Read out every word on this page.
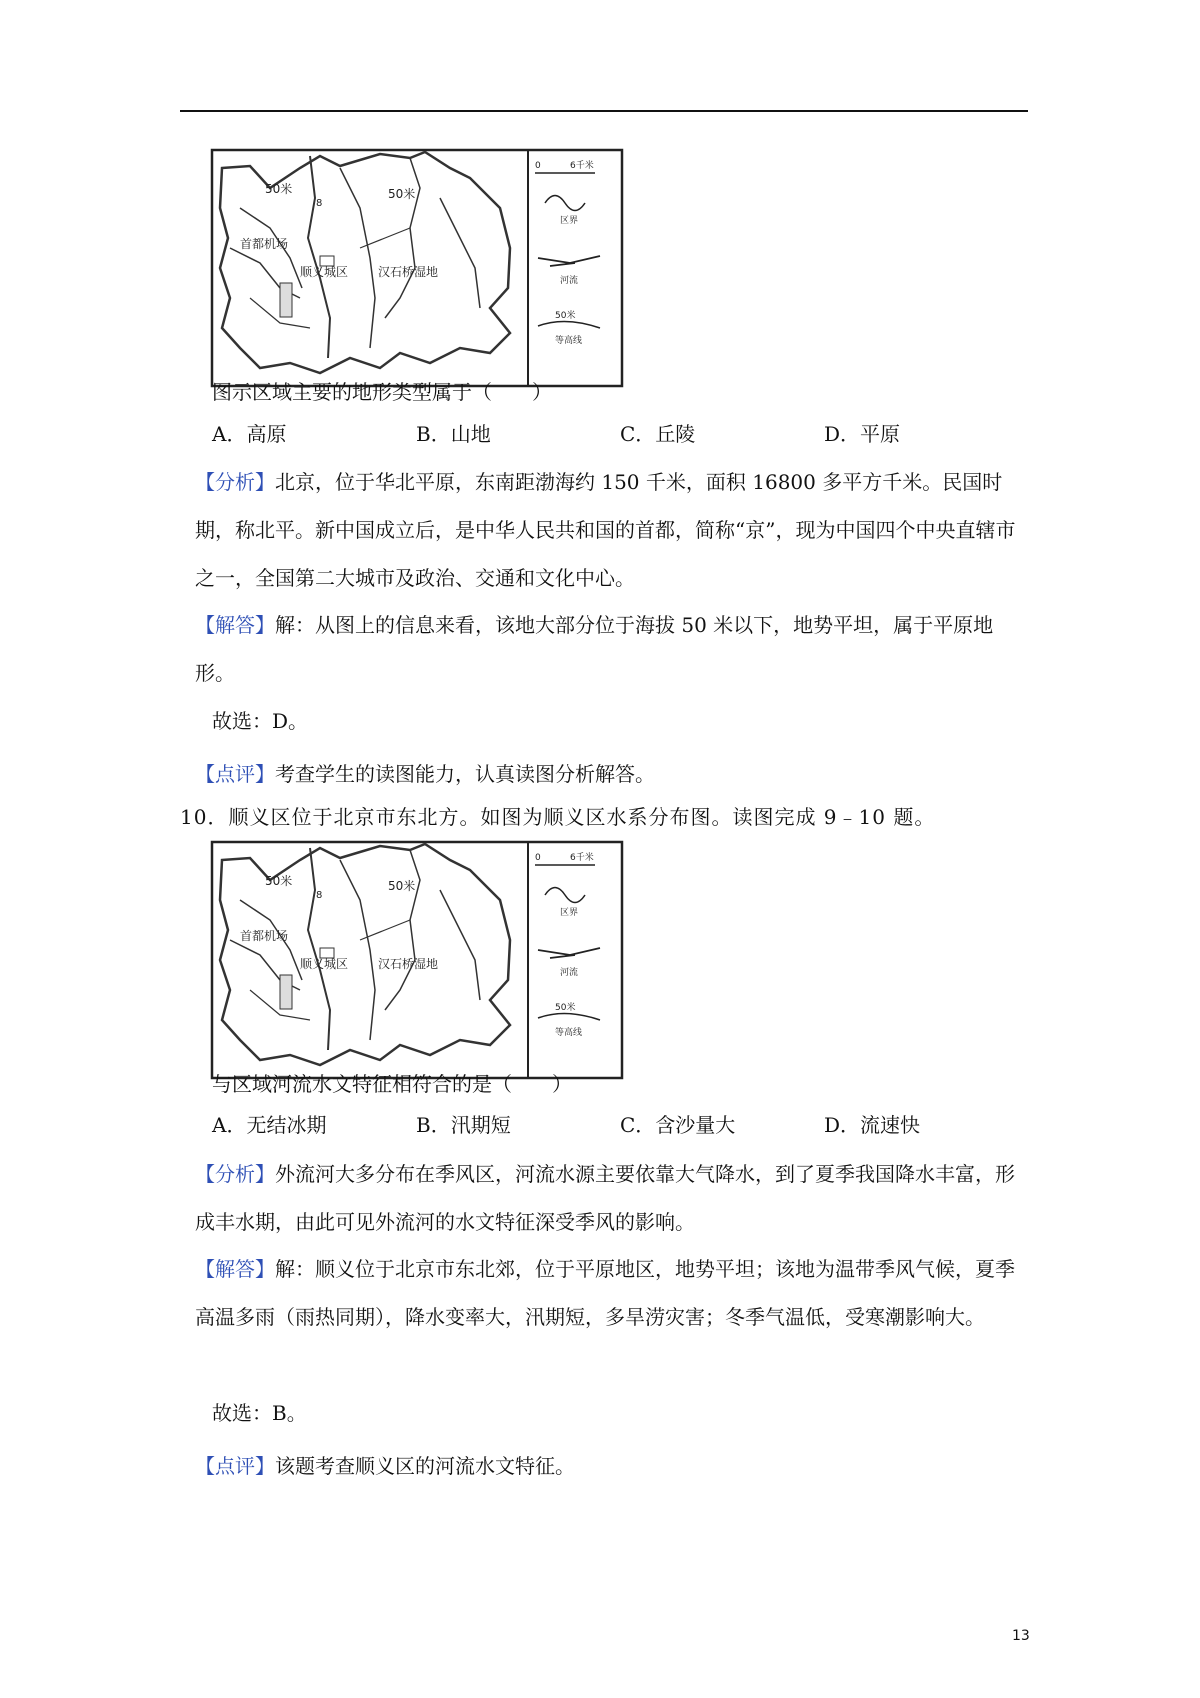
50米	50米
8
首都机场
顺义城区 汉石桥湿地
0	6千米
区界
河流
50米
等高线
图示区域主要的地形类型属于（　　）
A．高原	B．山地	C．丘陵	D．平原
【分析】北京，位于华北平原，东南距渤海约 150 千米，面积 16800 多平方千米。民国时期，称北平。新中国成立后，是中华人民共和国的首都，简称“京”，现为中国四个中央直辖市之一，全国第二大城市及政治、交通和文化中心。
【解答】解：从图上的信息来看，该地大部分位于海拔 50 米以下，地势平坦，属于平原地形。
故选：D。
【点评】考查学生的读图能力，认真读图分析解答。
10．顺义区位于北京市东北方。如图为顺义区水系分布图。读图完成 9﹣10 题。
50米	50米
8
首都机场
顺义城区 汉石桥湿地
0	6千米
区界
河流
50米
等高线
与区域河流水文特征相符合的是（　　）
A．无结冰期	B．汛期短	C．含沙量大	D．流速快
【分析】外流河大多分布在季风区，河流水源主要依靠大气降水，到了夏季我国降水丰富，形成丰水期，由此可见外流河的水文特征深受季风的影响。
【解答】解：顺义位于北京市东北郊，位于平原地区，地势平坦；该地为温带季风气候，夏季高温多雨（雨热同期），降水变率大，汛期短，多旱涝灾害；冬季气温低，受寒潮影响大。
故选：B。
【点评】该题考查顺义区的河流水文特征。
13
